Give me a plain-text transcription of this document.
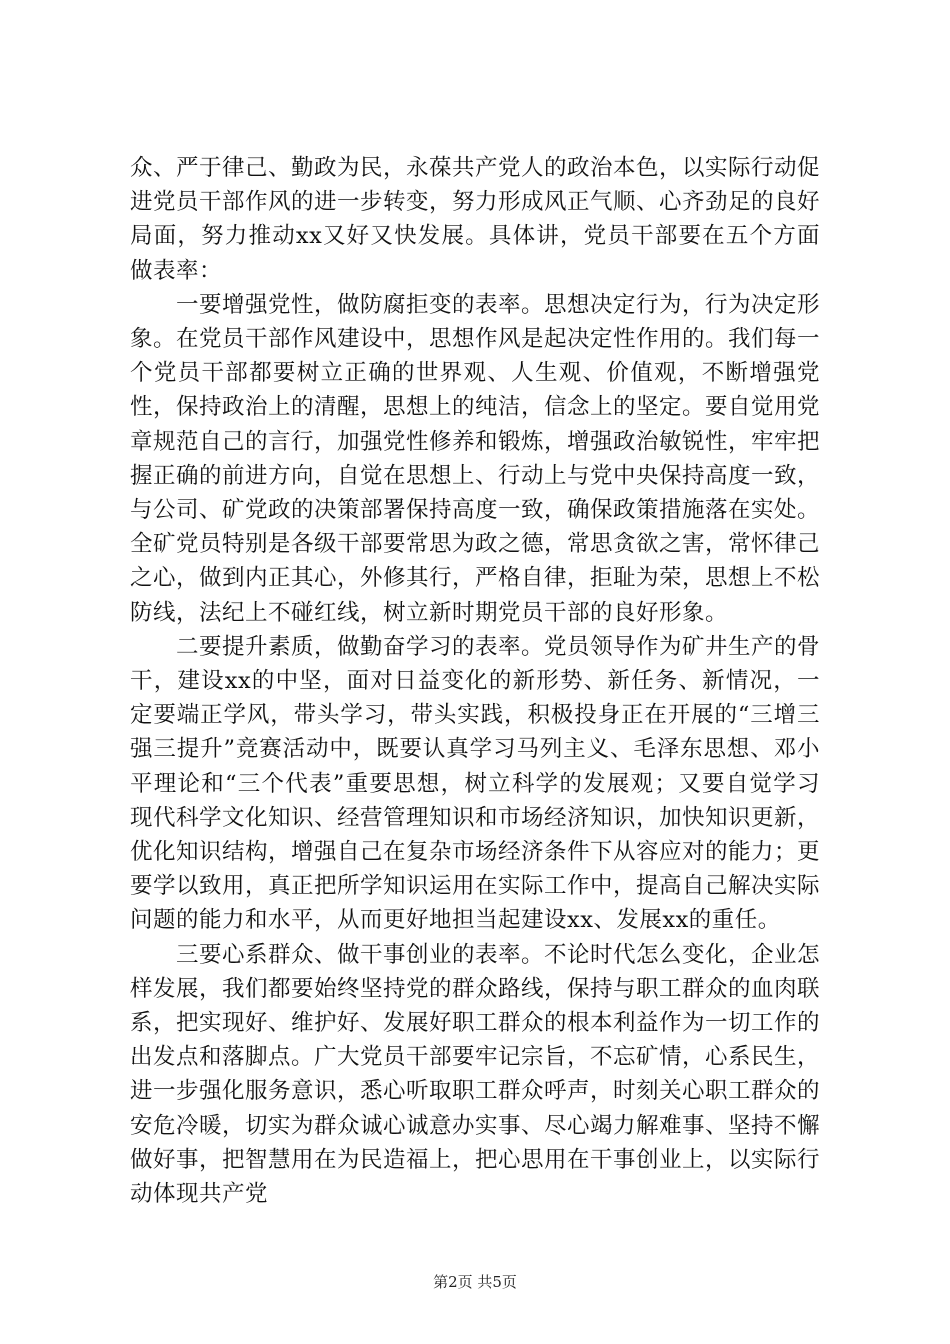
众、严于律己、勤政为民，永葆共产党人的政治本色，以实际行动促进党员干部作风的进一步转变，努力形成风正气顺、心齐劲足的良好局面，努力推动xx又好又快发展。具体讲，党员干部要在五个方面做表率：

一要增强党性，做防腐拒变的表率。思想决定行为，行为决定形象。在党员干部作风建设中，思想作风是起决定性作用的。我们每一个党员干部都要树立正确的世界观、人生观、价值观，不断增强党性，保持政治上的清醒，思想上的纯洁，信念上的坚定。要自觉用党章规范自己的言行，加强党性修养和锻炼，增强政治敏锐性，牢牢把握正确的前进方向，自觉在思想上、行动上与党中央保持高度一致，与公司、矿党政的决策部署保持高度一致，确保政策措施落在实处。全矿党员特别是各级干部要常思为政之德，常思贪欲之害，常怀律己之心，做到内正其心，外修其行，严格自律，拒耻为荣，思想上不松防线，法纪上不碰红线，树立新时期党员干部的良好形象。

二要提升素质，做勤奋学习的表率。党员领导作为矿井生产的骨干，建设xx的中坚，面对日益变化的新形势、新任务、新情况，一定要端正学风，带头学习，带头实践，积极投身正在开展的“三增三强三提升”竞赛活动中，既要认真学习马列主义、毛泽东思想、邓小平理论和“三个代表”重要思想，树立科学的发展观；又要自觉学习现代科学文化知识、经营管理知识和市场经济知识，加快知识更新，优化知识结构，增强自己在复杂市场经济条件下从容应对的能力；更要学以致用，真正把所学知识运用在实际工作中，提高自己解决实际问题的能力和水平，从而更好地担当起建设xx、发展xx的重任。

三要心系群众、做干事创业的表率。不论时代怎么变化，企业怎样发展，我们都要始终坚持党的群众路线，保持与职工群众的血肉联系，把实现好、维护好、发展好职工群众的根本利益作为一切工作的出发点和落脚点。广大党员干部要牢记宗旨，不忘矿情，心系民生，进一步强化服务意识，悉心听取职工群众呼声，时刻关心职工群众的安危冷暖，切实为群众诚心诚意办实事、尽心竭力解难事、坚持不懈做好事，把智慧用在为民造福上，把心思用在干事创业上，以实际行动体现共产党

第2页 共5页
